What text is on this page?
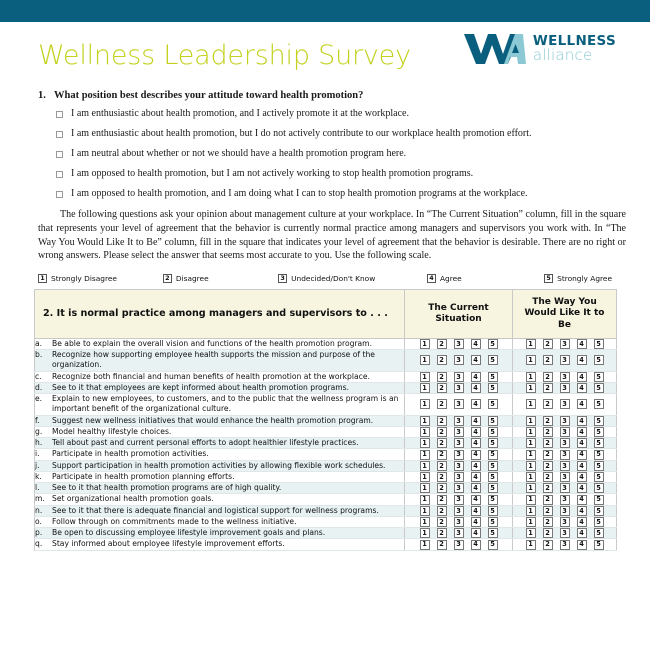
Wellness Leadership Survey	WELLNESS
alliance
1. What position best describes your attitude toward health promotion?
I am enthusiastic about health promotion, and I actively promote it at the workplace.
I am enthusiastic about health promotion, but I do not actively contribute to our workplace health promotion effort.
I am neutral about whether or not we should have a health promotion program here.
I am opposed to health promotion, but I am not actively working to stop health promotion programs.
I am opposed to health promotion, and I am doing what I can to stop health promotion programs at the workplace.
The following questions ask your opinion about management culture at your workplace. In “The Current Situation” column, fill in the square that represents your level of agreement that the behavior is currently normal practice among managers and supervisors you work with. In “The Way You Would Like It to Be” column, fill in the square that indicates your level of agreement that the behavior is desirable. There are no right or wrong answers. Please select the answer that seems most accurate to you. Use the following scale.
1 Strongly Disagree	2 Disagree	3 Undecided/Don't Know	4 Agree	5 Strongly Agree
2. It is normal practice among managers and supervisors to . . .	The Current Situation	The Way You Would Like It to Be

a. Be able to explain the overall vision and functions of the health promotion program.	1 2 3 4 5	1 2 3 4 5

b. Recognize how supporting employee health supports the mission and purpose of the organization.	1 2 3 4 5	1 2 3 4 5

c. Recognize both financial and human benefits of health promotion at the workplace.	1 2 3 4 5	1 2 3 4 5

d. See to it that employees are kept informed about health promotion programs.	1 2 3 4 5	1 2 3 4 5

e. Explain to new employees, to customers, and to the public that the wellness program is an important benefit of the organizational culture.	1 2 3 4 5	1 2 3 4 5

f. Suggest new wellness initiatives that would enhance the health promotion program.	1 2 3 4 5	1 2 3 4 5

g. Model healthy lifestyle choices.	1 2 3 4 5	1 2 3 4 5

h. Tell about past and current personal efforts to adopt healthier lifestyle practices.	1 2 3 4 5	1 2 3 4 5

i. Participate in health promotion activities.	1 2 3 4 5	1 2 3 4 5

j. Support participation in health promotion activities by allowing flexible work schedules.	1 2 3 4 5	1 2 3 4 5

k. Participate in health promotion planning efforts.	1 2 3 4 5	1 2 3 4 5

l. See to it that health promotion programs are of high quality.	1 2 3 4 5	1 2 3 4 5

m. Set organizational health promotion goals.	1 2 3 4 5	1 2 3 4 5

n. See to it that there is adequate financial and logistical support for wellness programs.	1 2 3 4 5	1 2 3 4 5

o. Follow through on commitments made to the wellness initiative.	1 2 3 4 5	1 2 3 4 5

p. Be open to discussing employee lifestyle improvement goals and plans.	1 2 3 4 5	1 2 3 4 5

q. Stay informed about employee lifestyle improvement efforts.	1 2 3 4 5	1 2 3 4 5
